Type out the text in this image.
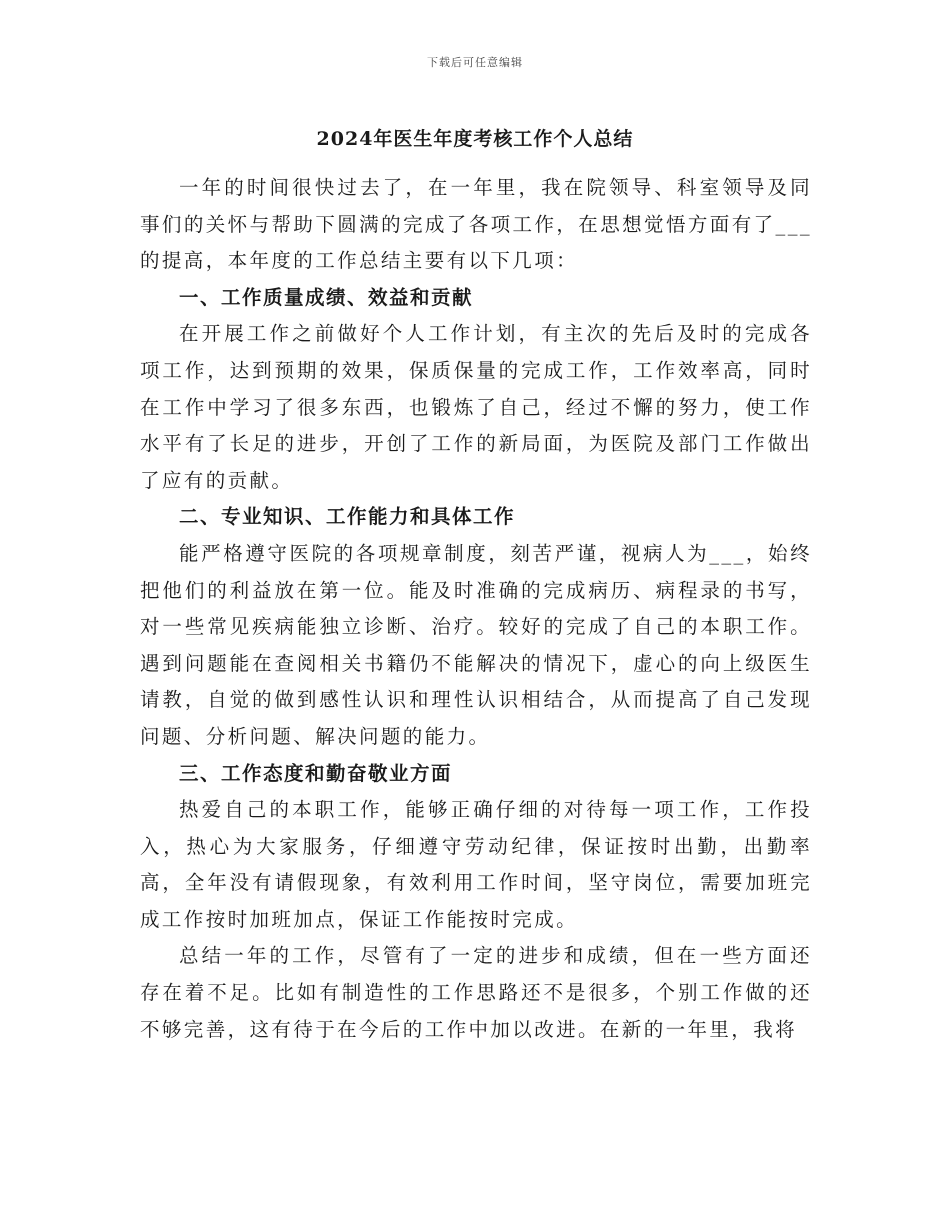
下载后可任意编辑
2024年医生年度考核工作个人总结

一年的时间很快过去了，在一年里，我在院领导、科室领导及同事们的关怀与帮助下圆满的完成了各项工作，在思想觉悟方面有了___的提高，本年度的工作总结主要有以下几项：

一、工作质量成绩、效益和贡献

在开展工作之前做好个人工作计划，有主次的先后及时的完成各项工作，达到预期的效果，保质保量的完成工作，工作效率高，同时在工作中学习了很多东西，也锻炼了自己，经过不懈的努力，使工作水平有了长足的进步，开创了工作的新局面，为医院及部门工作做出了应有的贡献。

二、专业知识、工作能力和具体工作

能严格遵守医院的各项规章制度，刻苦严谨，视病人为___，始终把他们的利益放在第一位。能及时准确的完成病历、病程录的书写，对一些常见疾病能独立诊断、治疗。较好的完成了自己的本职工作。遇到问题能在查阅相关书籍仍不能解决的情况下，虚心的向上级医生请教，自觉的做到感性认识和理性认识相结合，从而提高了自己发现问题、分析问题、解决问题的能力。

三、工作态度和勤奋敬业方面

热爱自己的本职工作，能够正确仔细的对待每一项工作，工作投入，热心为大家服务，仔细遵守劳动纪律，保证按时出勤，出勤率高，全年没有请假现象，有效利用工作时间，坚守岗位，需要加班完成工作按时加班加点，保证工作能按时完成。

总结一年的工作，尽管有了一定的进步和成绩，但在一些方面还存在着不足。比如有制造性的工作思路还不是很多，个别工作做的还不够完善，这有待于在今后的工作中加以改进。在新的一年里，我将
